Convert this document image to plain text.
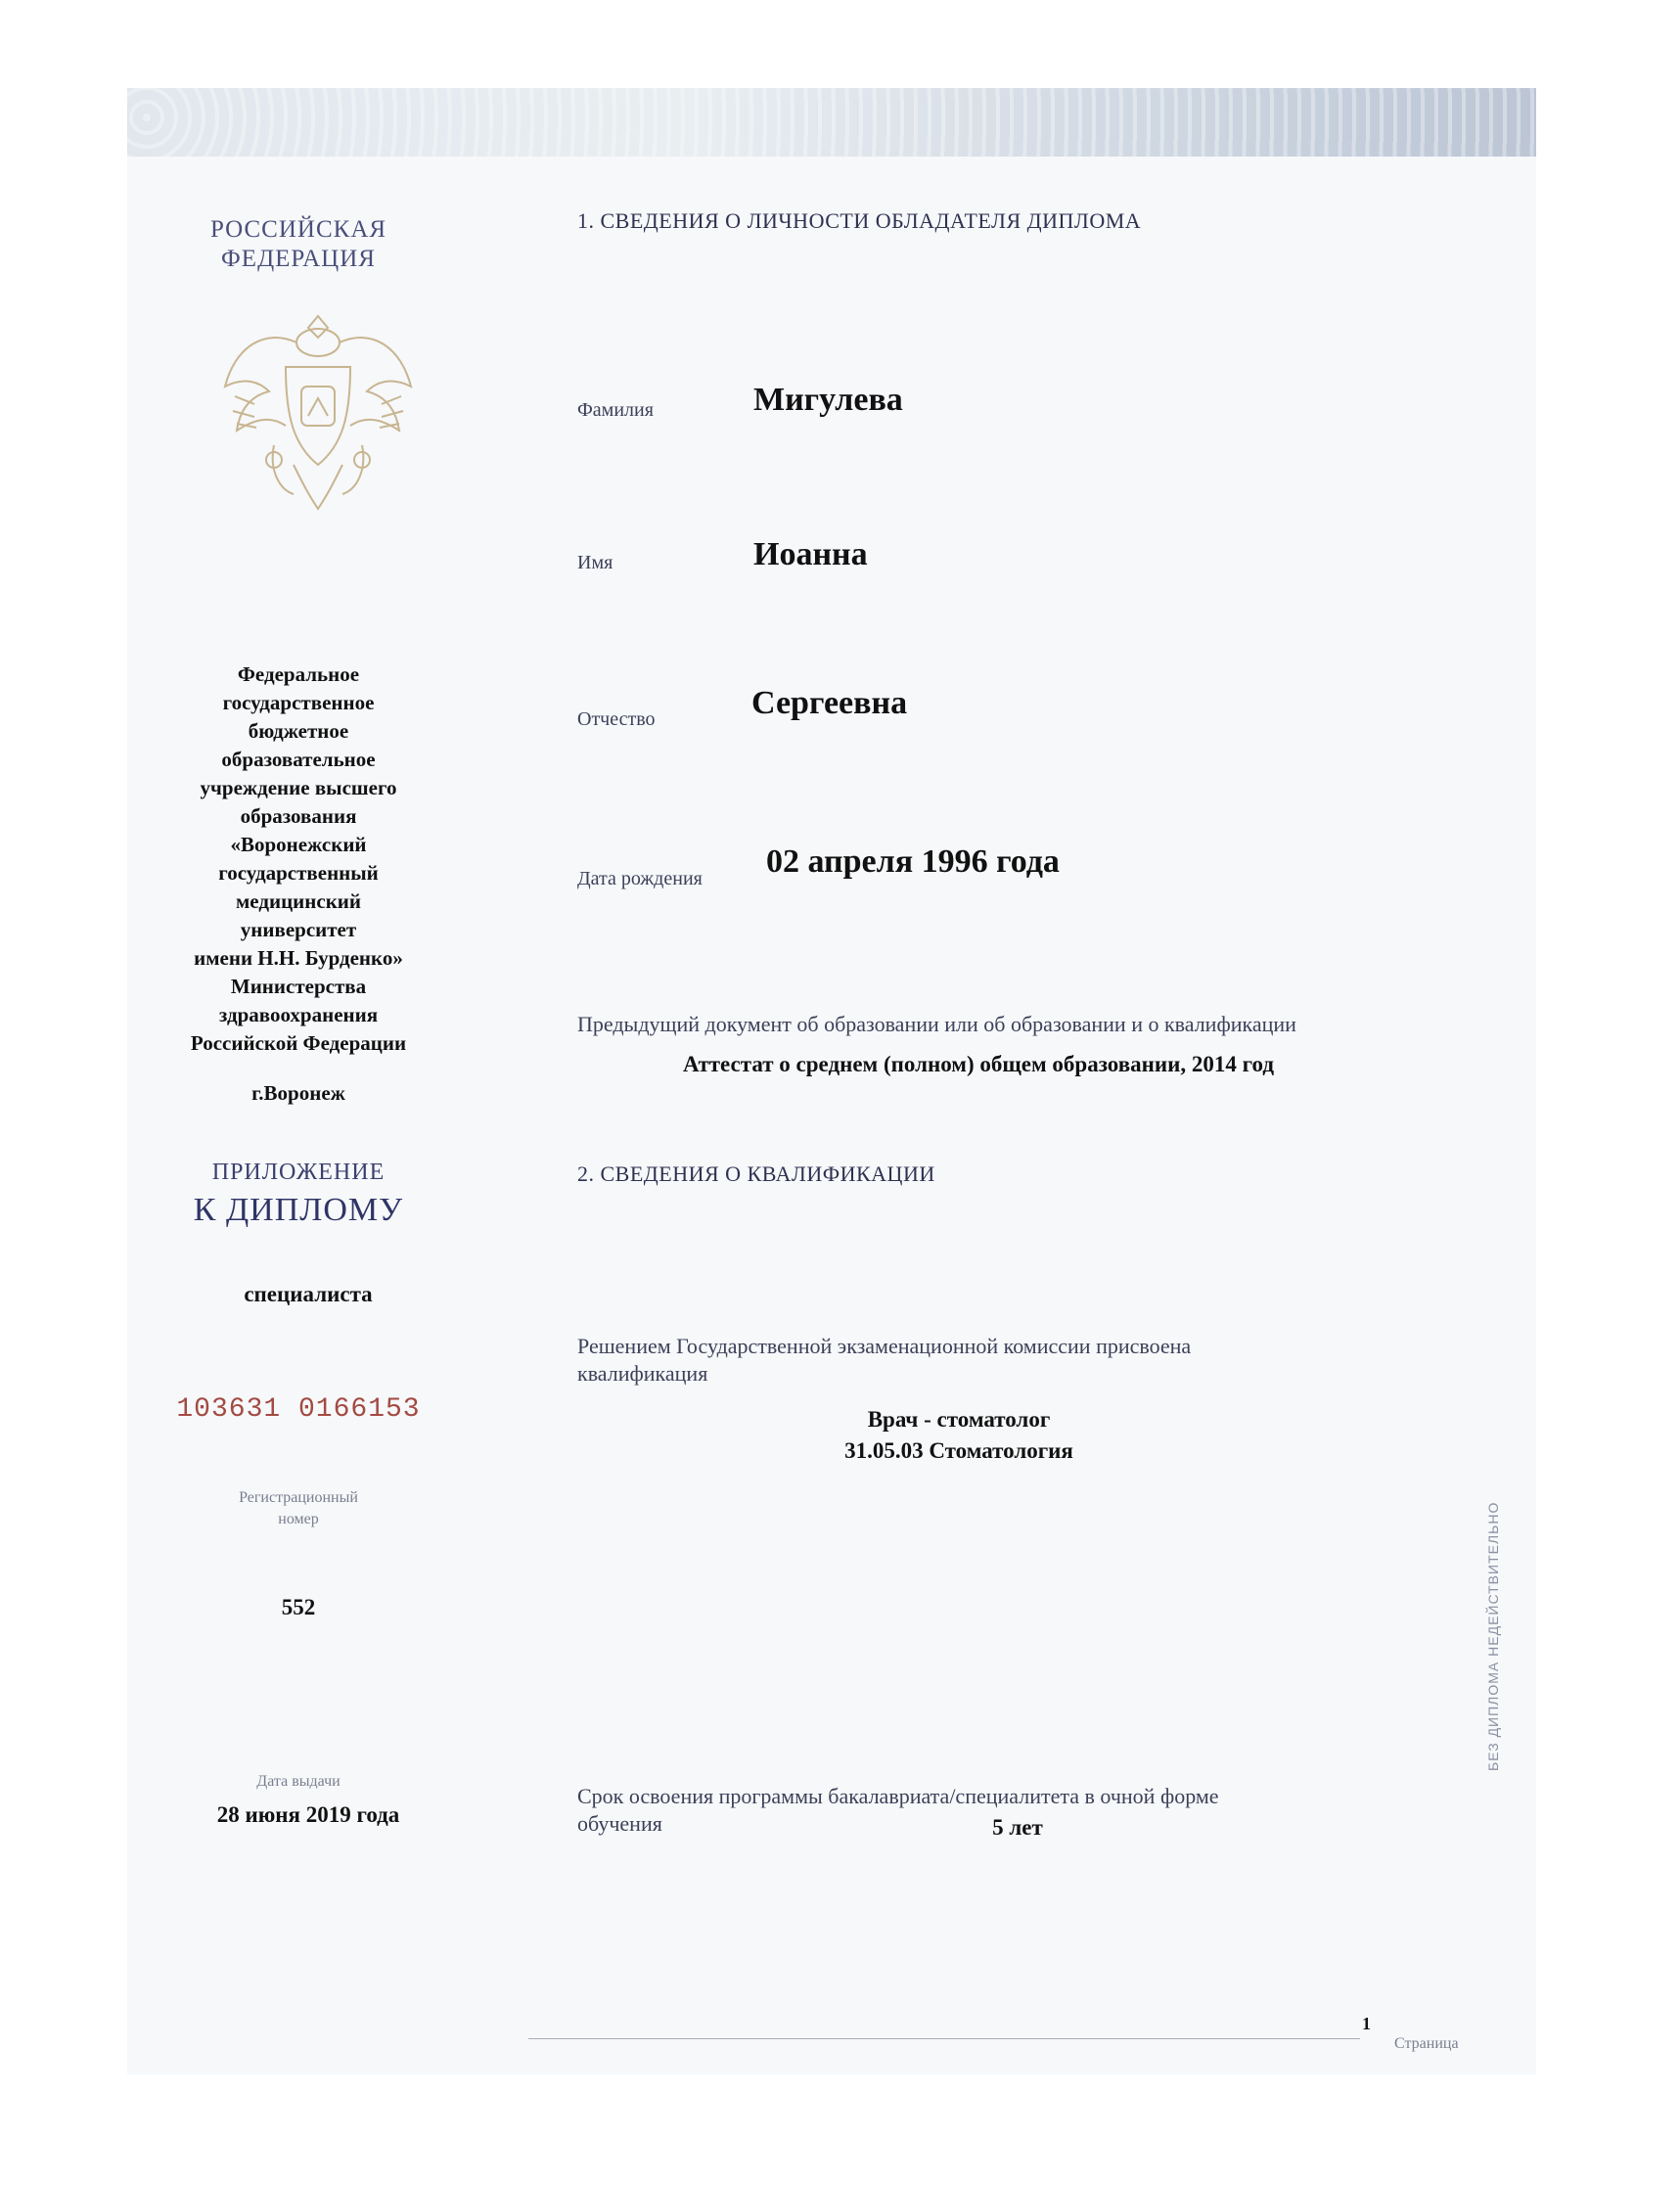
РОССИЙСКАЯ
ФЕДЕРАЦИЯ
Федеральное
государственное
бюджетное
образовательное
учреждение высшего
образования
«Воронежский
государственный
медицинский
университет
имени Н.Н. Бурденко»
Министерства
здравоохранения
Российской Федерации
г.Воронеж
ПРИЛОЖЕНИЕ
К ДИПЛОМУ
специалиста
103631 0166153
Регистрационный
номер
552
Дата выдачи
28 июня 2019 года
1. СВЕДЕНИЯ О ЛИЧНОСТИ ОБЛАДАТЕЛЯ ДИПЛОМА
Фамилия	Мигулева
Имя	Иоанна
Отчество	Сергеевна
Дата рождения 02 апреля 1996 года
Предыдущий документ об образовании или об образовании и о квалификации
Аттестат о среднем (полном) общем образовании, 2014 год
2. СВЕДЕНИЯ О КВАЛИФИКАЦИИ
Решением Государственной экзаменационной комиссии присвоена
квалификация
Врач - стоматолог
31.05.03 Стоматология
Срок освоения программы бакалавриата/специалитета в очной форме
обучения	5 лет
БЕЗ ДИПЛОМА НЕДЕЙСТВИТЕЛЬНО
1
Страница
